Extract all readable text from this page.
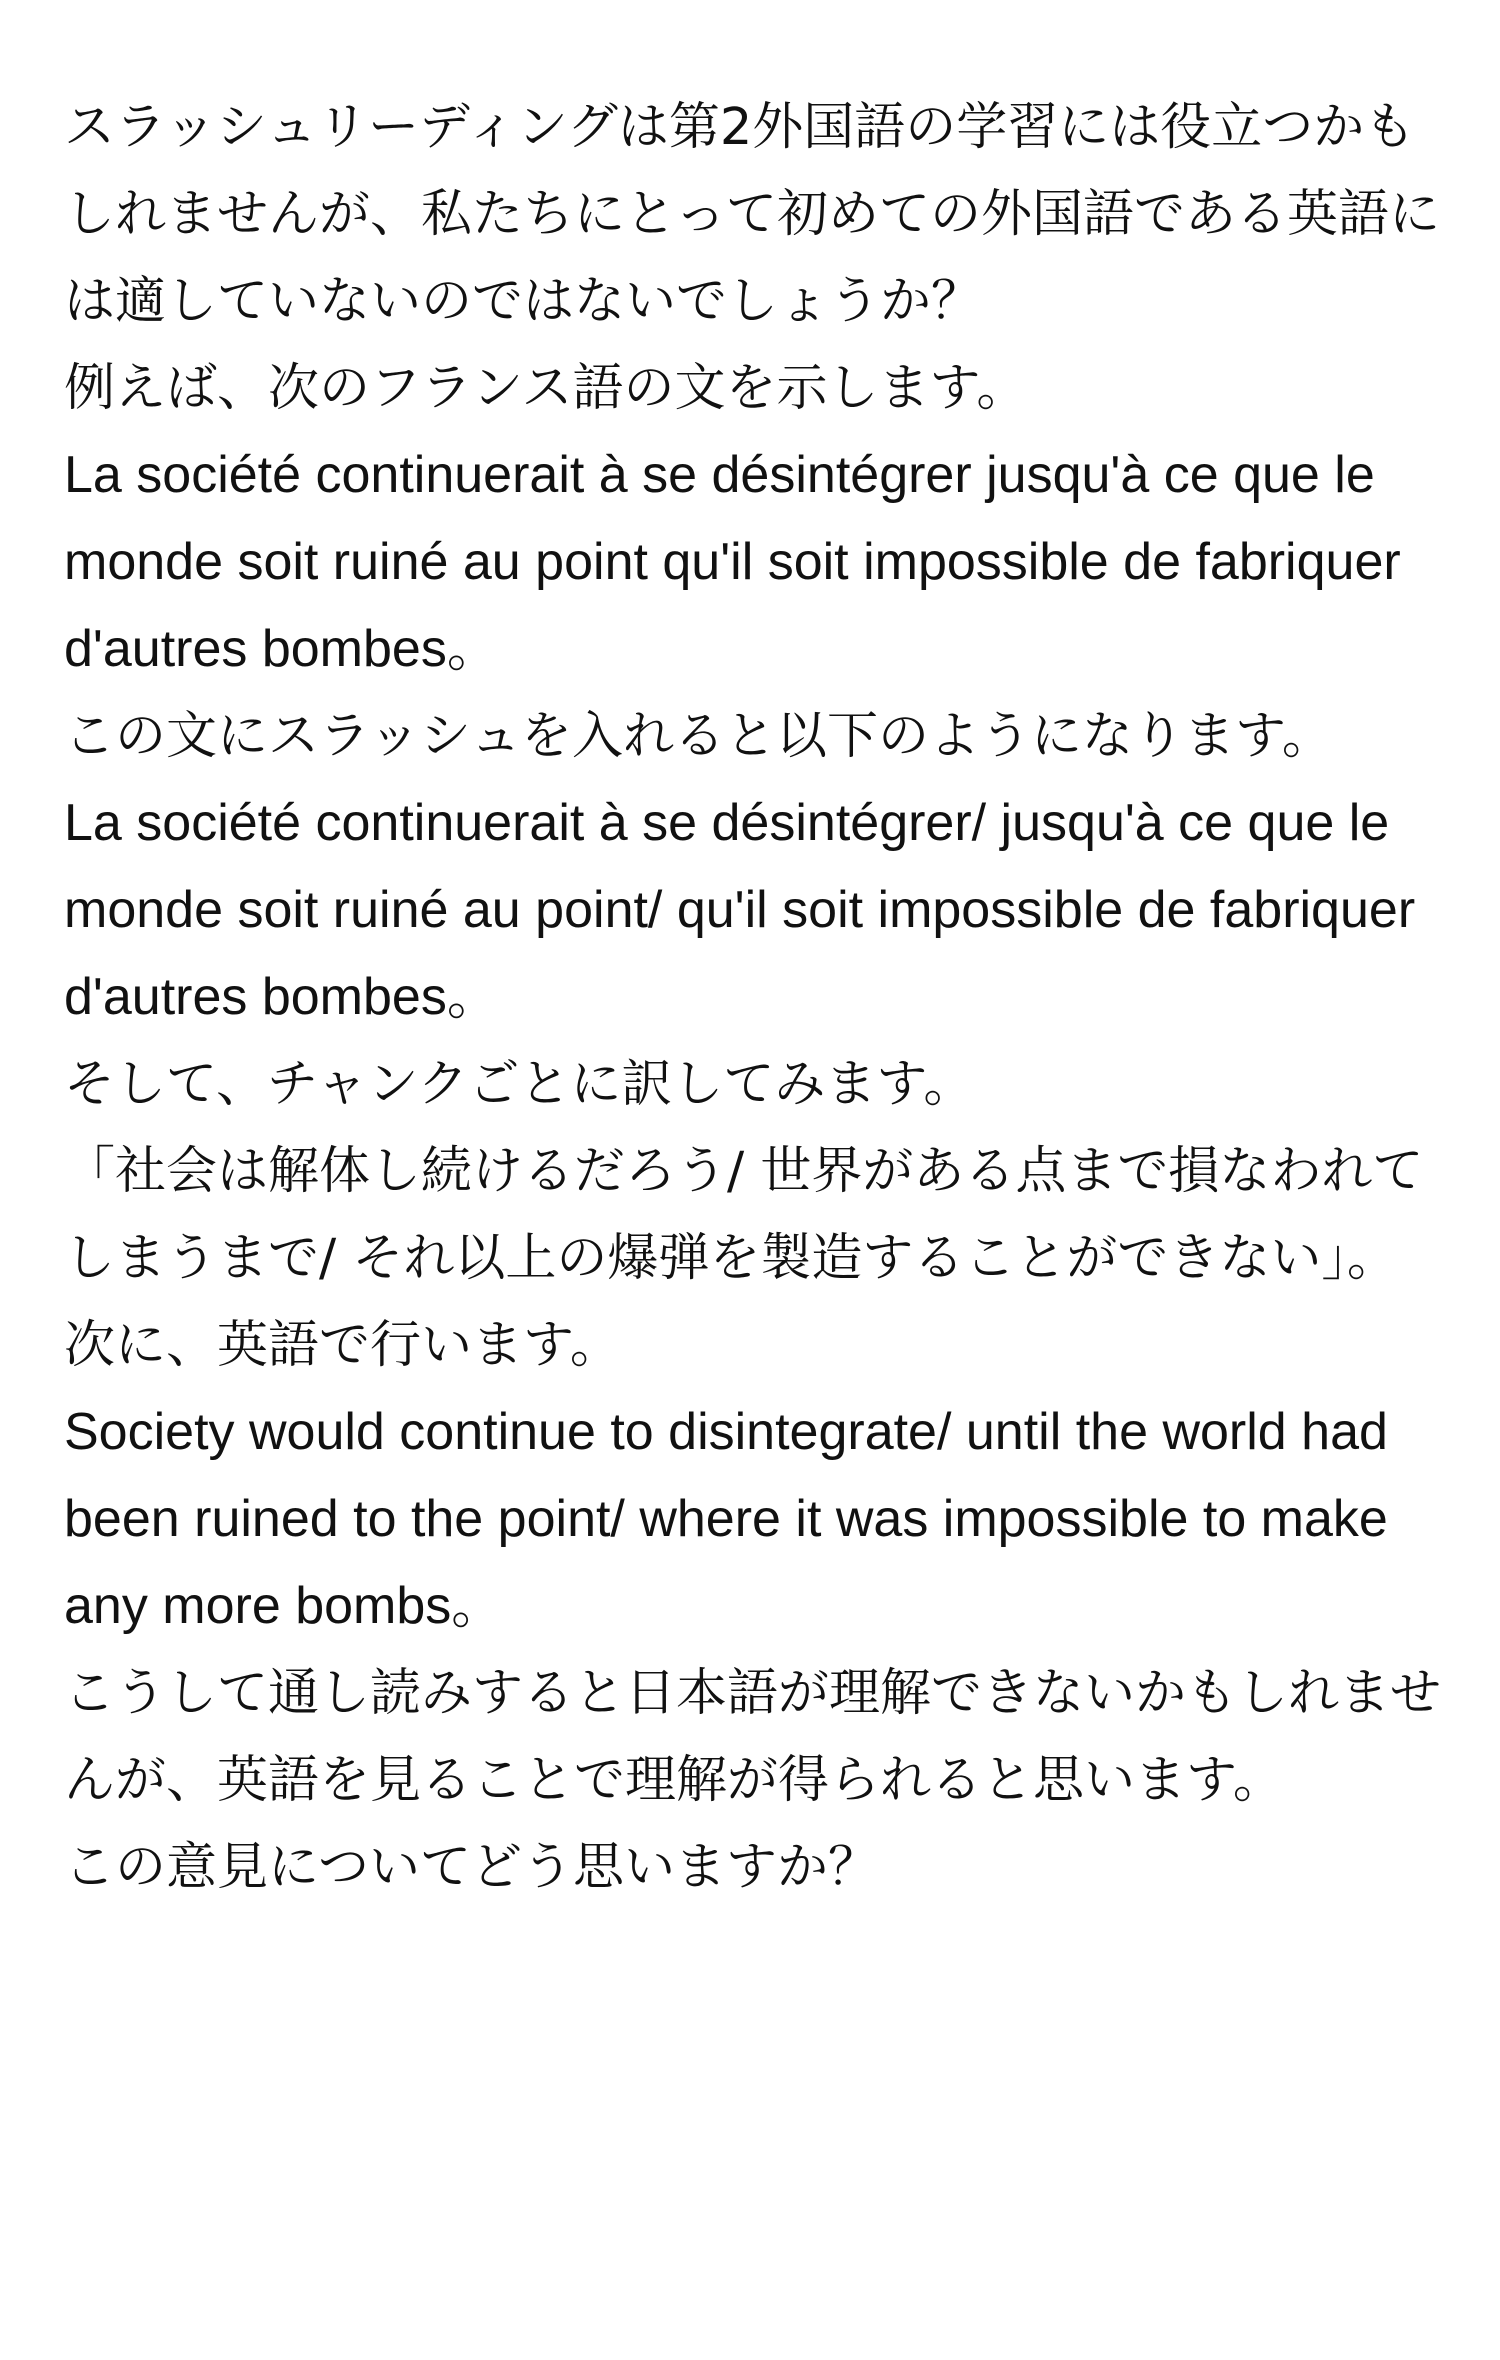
スラッシュリーディングは第2外国語の学習には役立つかもしれませんが、私たちにとって初めての外国語である英語には適していないのではないでしょうか？

例えば、次のフランス語の文を示します。

La société continuerait à se désintégrer jusqu'à ce que le monde soit ruiné au point qu'il soit impossible de fabriquer d'autres bombes。

この文にスラッシュを入れると以下のようになります。

La société continuerait à se désintégrer/ jusqu'à ce que le monde soit ruiné au point/ qu'il soit impossible de fabriquer d'autres bombes。

そして、チャンクごとに訳してみます。

「社会は解体し続けるだろう/ 世界がある点まで損なわれてしまうまで/ それ以上の爆弾を製造することができない」。

次に、英語で行います。

Society would continue to disintegrate/ until the world had been ruined to the point/ where it was impossible to make any more bombs。

こうして通し読みすると日本語が理解できないかもしれませんが、英語を見ることで理解が得られると思います。

この意見についてどう思いますか？
